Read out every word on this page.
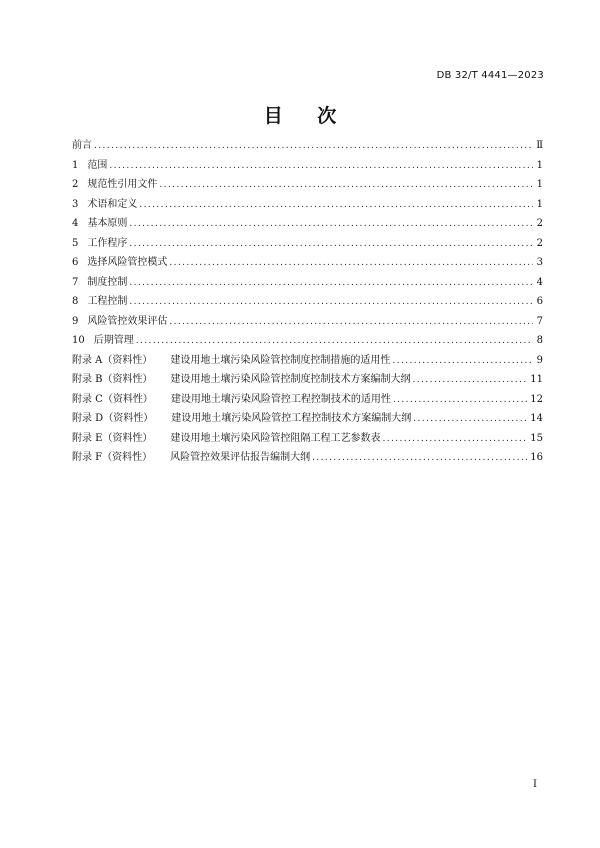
DB 32/T 4441—2023
目 次
前言 .....	Ⅱ
1 范围 .....	1
2 规范性引用文件 .....	1
3 术语和定义 .....	1
4 基本原则 .....	2
5 工作程序 .....	2
6 选择风险管控模式 .....	3
7 制度控制 .....	4
8 工程控制 .....	6
9 风险管控效果评估 .....	7
10 后期管理 .....	8
附录 A（资料性） 建设用地土壤污染风险管控制度控制措施的适用性 .....	9
附录 B（资料性） 建设用地土壤污染风险管控制度控制技术方案编制大纲 .....	11
附录 C（资料性） 建设用地土壤污染风险管控工程控制技术的适用性 .....	12
附录 D（资料性） 建设用地土壤污染风险管控工程控制技术方案编制大纲 .....	14
附录 E（资料性） 建设用地土壤污染风险管控阻隔工程工艺参数表 .....	15
附录 F（资料性） 风险管控效果评估报告编制大纲 .....	16
I
